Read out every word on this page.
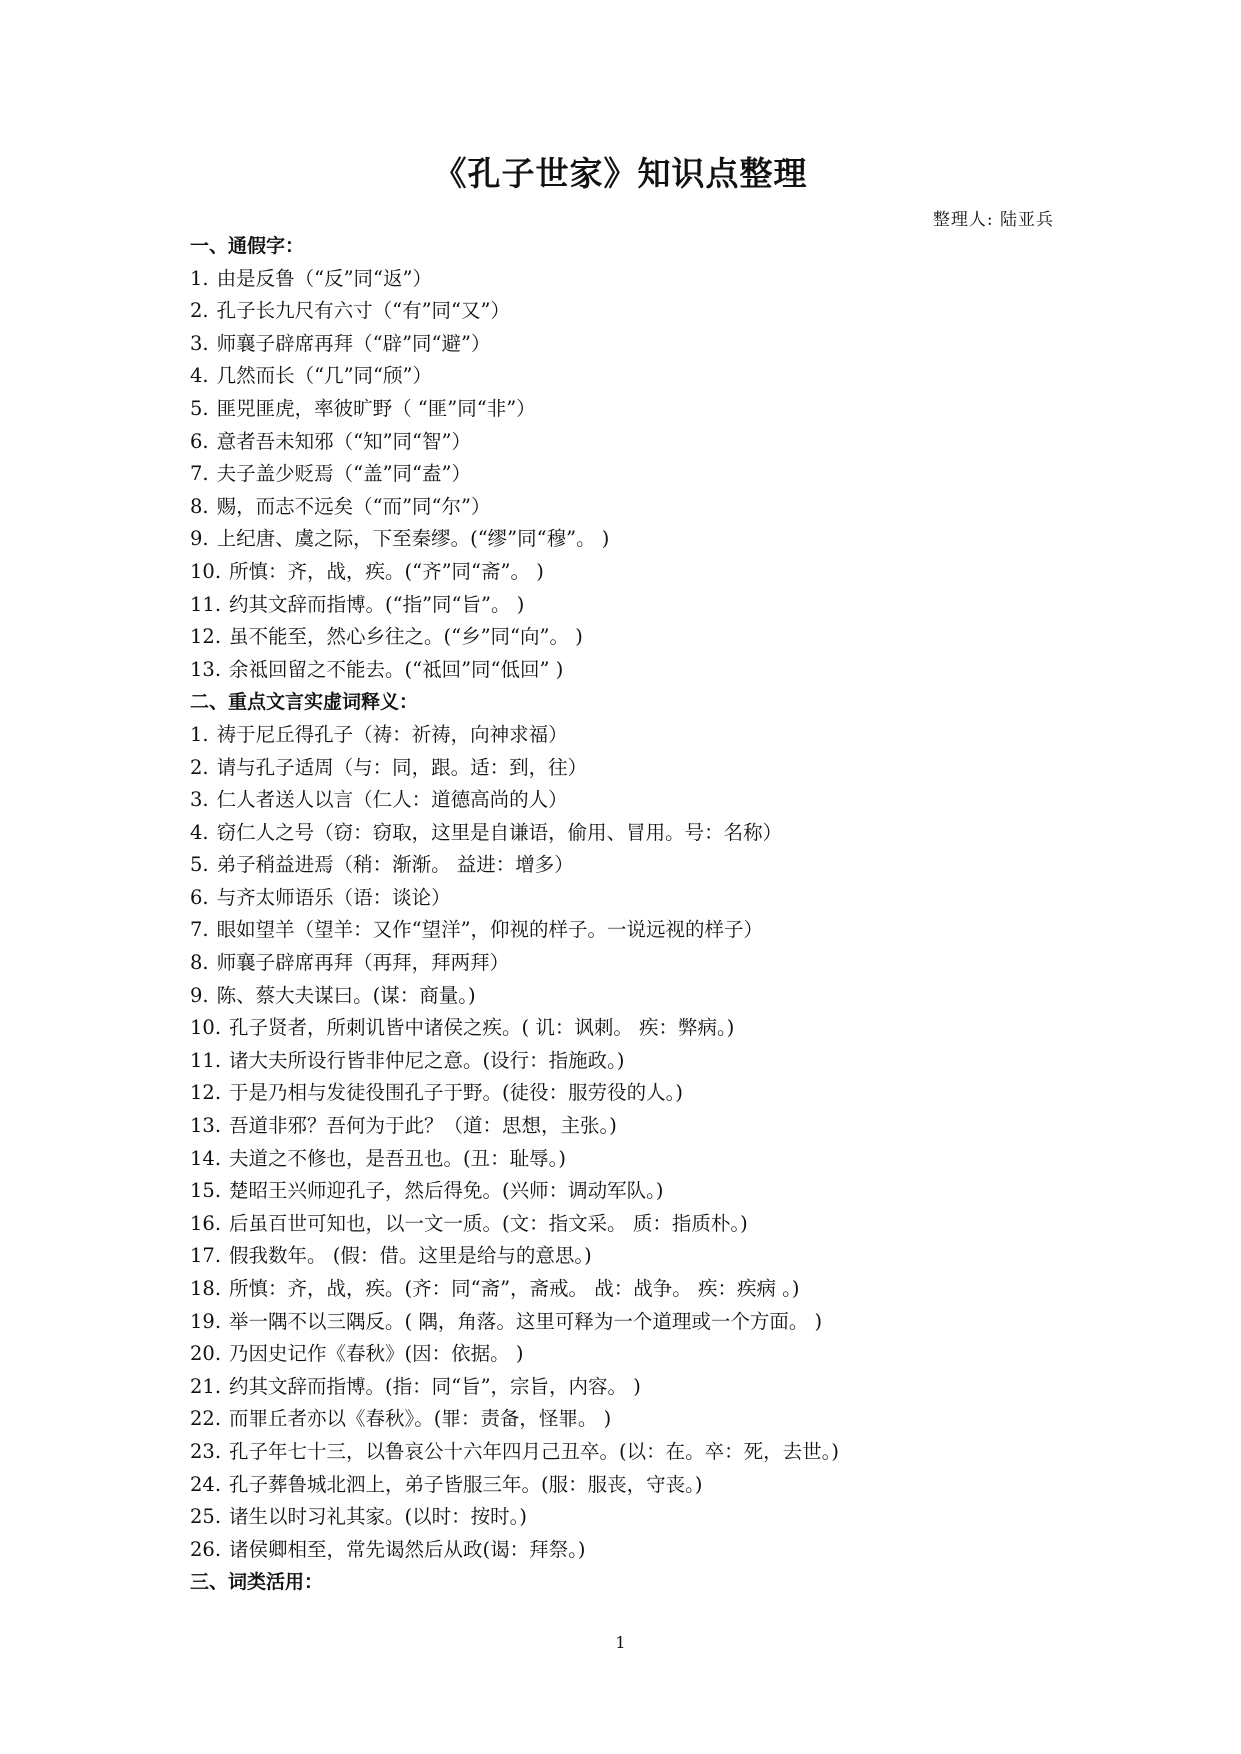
《孔子世家》知识点整理
整理人: 陆亚兵
一、通假字：
1. 由是反鲁（“反”同“返”）
2. 孔子长九尺有六寸（“有”同“又”）
3. 师襄子辟席再拜（“辟”同“避”）
4. 几然而长（“几”同“颀”）
5. 匪兕匪虎，率彼旷野（ “匪”同“非”）
6. 意者吾未知邪（“知”同“智”）
7. 夫子盖少贬焉（“盖”同“盍”）
8. 赐，而志不远矣（“而”同“尔”）
9. 上纪唐、虞之际，下至秦缪。(“缪”同“穆”。 )
10. 所慎：齐，战，疾。(“齐”同“斋”。 )
11. 约其文辞而指博。(“指”同“旨”。 )
12. 虽不能至，然心乡往之。(“乡”同“向”。 )
13. 余祗回留之不能去。(“祗回”同“低回” )
二、重点文言实虚词释义：
1. 祷于尼丘得孔子（祷：祈祷，向神求福）
2. 请与孔子适周（与：同，跟。适：到，往）
3. 仁人者送人以言（仁人：道德高尚的人）
4. 窃仁人之号（窃：窃取，这里是自谦语，偷用、冒用。号：名称）
5. 弟子稍益进焉（稍：渐渐。 益进：增多）
6. 与齐太师语乐（语：谈论）
7. 眼如望羊（望羊：又作“望洋”，仰视的样子。一说远视的样子）
8. 师襄子辟席再拜（再拜，拜两拜）
9. 陈、蔡大夫谋曰。(谋：商量。)
10. 孔子贤者，所刺讥皆中诸侯之疾。( 讥：讽刺。 疾：弊病。)
11. 诸大夫所设行皆非仲尼之意。(设行：指施政。)
12. 于是乃相与发徒役围孔子于野。(徒役：服劳役的人。)
13. 吾道非邪？吾何为于此？（道：思想，主张。)
14. 夫道之不修也，是吾丑也。(丑：耻辱。)
15. 楚昭王兴师迎孔子，然后得免。(兴师：调动军队。)
16. 后虽百世可知也，以一文一质。(文：指文采。 质：指质朴。)
17. 假我数年。 (假：借。这里是给与的意思。)
18. 所慎：齐，战，疾。(齐：同“斋”，斋戒。 战：战争。 疾：疾病 。)
19. 举一隅不以三隅反。( 隅，角落。这里可释为一个道理或一个方面。 )
20. 乃因史记作《春秋》(因：依据。 )
21. 约其文辞而指博。(指：同“旨”，宗旨，内容。 )
22. 而罪丘者亦以《春秋》。(罪：责备，怪罪。 )
23. 孔子年七十三，以鲁哀公十六年四月己丑卒。(以：在。卒：死，去世。)
24. 孔子葬鲁城北泗上，弟子皆服三年。(服：服丧，守丧。)
25. 诸生以时习礼其家。(以时：按时。)
26. 诸侯卿相至，常先谒然后从政(谒：拜祭。)
三、词类活用：
1
